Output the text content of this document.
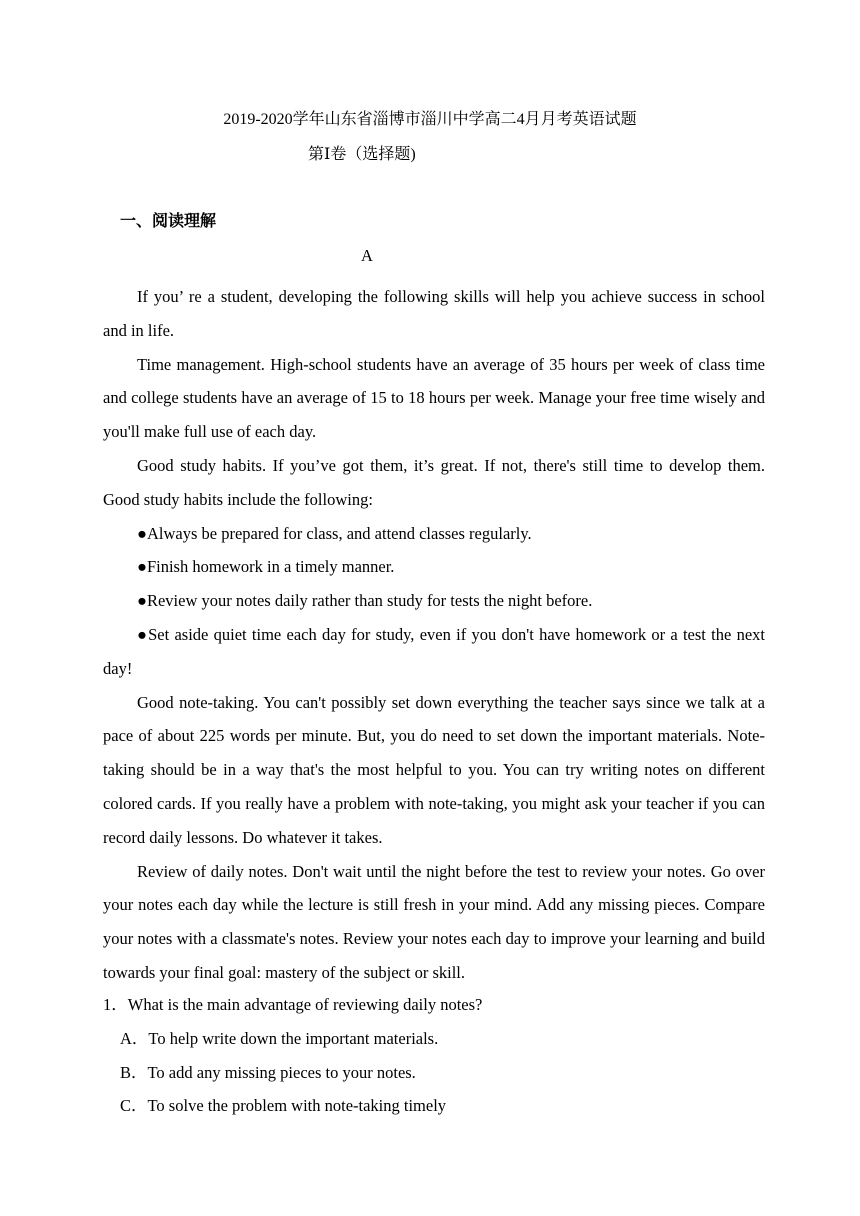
2019-2020学年山东省淄博市淄川中学高二4月月考英语试题
第Ⅰ卷（选择题)
一、阅读理解
A

If you’ re a student, developing the following skills will help you achieve success in school and in life.

Time management. High-school students have an average of 35 hours per week of class time and college students have an average of 15 to 18 hours per week. Manage your free time wisely and you'll make full use of each day.

Good study habits. If you’ve got them, it’s great. If not, there's still time to develop them. Good study habits include the following:

●Always be prepared for class, and attend classes regularly.

●Finish homework in a timely manner.

●Review your notes daily rather than study for tests the night before.

●Set aside quiet time each day for study, even if you don't have homework or a test the next day!

Good note-taking. You can't possibly set down everything the teacher says since we talk at a pace of about 225 words per minute. But, you do need to set down the important materials. Note-taking should be in a way that's the most helpful to you. You can try writing notes on different colored cards. If you really have a problem with note-taking, you might ask your teacher if you can record daily lessons. Do whatever it takes.

Review of daily notes. Don't wait until the night before the test to review your notes. Go over your notes each day while the lecture is still fresh in your mind. Add any missing pieces. Compare your notes with a classmate's notes. Review your notes each day to improve your learning and build towards your final goal: mastery of the subject or skill.

1．What is the main advantage of reviewing daily notes?

A．To help write down the important materials.

B．To add any missing pieces to your notes.

C．To solve the problem with note-taking timely
